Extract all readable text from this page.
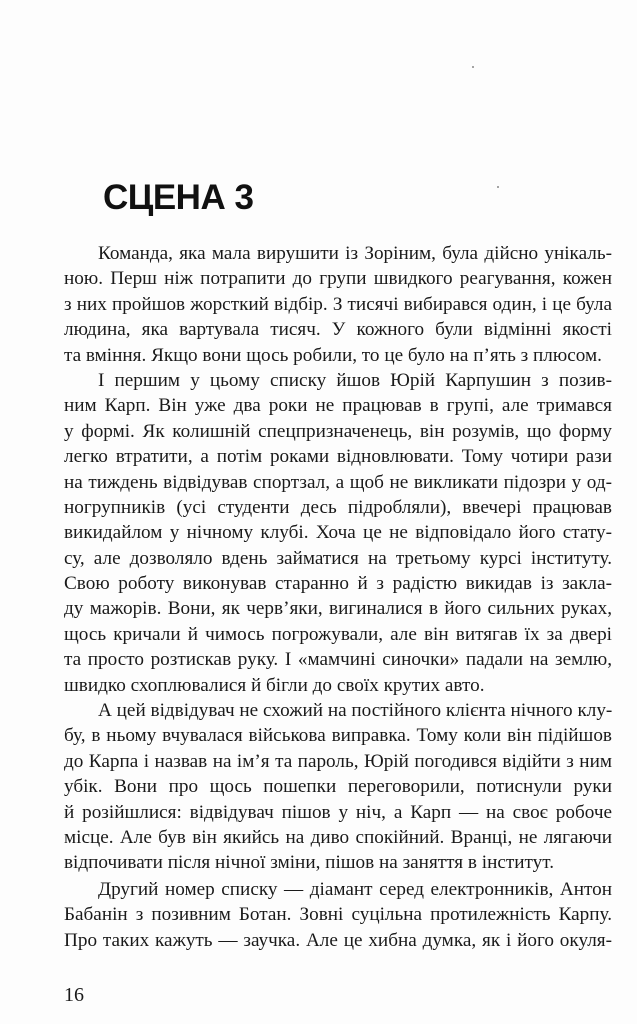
СЦЕНА 3
Команда, яка мала вирушити із Зоріним, була дійсно унікаль-
ною. Перш ніж потрапити до групи швидкого реагування, кожен
з них пройшов жорсткий відбір. З тисячі вибирався один, і це була
людина, яка вартувала тисяч. У кожного були відмінні якості
та вміння. Якщо вони щось робили, то це було на п’ять з плюсом.
І першим у цьому списку йшов Юрій Карпушин з позив-
ним Карп. Він уже два роки не працював в групі, але тримався
у формі. Як колишній спецпризначенець, він розумів, що форму
легко втратити, а потім роками відновлювати. Тому чотири рази
на тиждень відвідував спортзал, а щоб не викликати підозри у од-
ногрупників (усі студенти десь підробляли), ввечері працював
викидайлом у нічному клубі. Хоча це не відповідало його стату-
су, але дозволяло вдень займатися на третьому курсі інституту.
Свою роботу виконував старанно й з радістю викидав із закла-
ду мажорів. Вони, як черв’яки, вигиналися в його сильних руках,
щось кричали й чимось погрожували, але він витягав їх за двері
та просто розтискав руку. І «мамчині синочки» падали на землю,
швидко схоплювалися й бігли до своїх крутих авто.
А цей відвідувач не схожий на постійного клієнта нічного клу-
бу, в ньому вчувалася військова виправка. Тому коли він підійшов
до Карпа і назвав на ім’я та пароль, Юрій погодився відійти з ним
убік. Вони про щось пошепки переговорили, потиснули руки
й розійшлися: відвідувач пішов у ніч, а Карп — на своє робоче
місце. Але був він якийсь на диво спокійний. Вранці, не лягаючи
відпочивати після нічної зміни, пішов на заняття в інститут.
Другий номер списку — діамант серед електронників, Антон
Бабанін з позивним Ботан. Зовні суцільна протилежність Карпу.
Про таких кажуть — заучка. Але це хибна думка, як і його окуля-
16
